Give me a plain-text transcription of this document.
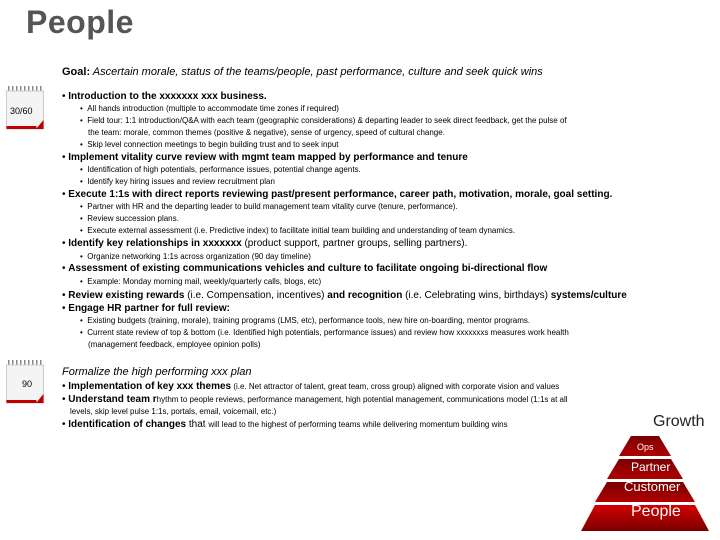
People
30/60
90
Goal: Ascertain morale, status of the teams/people, past performance, culture and seek quick wins
• Introduction to the xxxxxxx xxx business.
•  All hands introduction (multiple to accommodate time zones if required)
•  Field tour: 1:1 introduction/Q&A with each team (geographic considerations) & departing leader to seek direct feedback, get the pulse of
the team: morale, common themes (positive & negative), sense of urgency, speed of cultural change.
•  Skip level connection meetings to begin building trust and to seek input
• Implement vitality curve review with mgmt team mapped by performance and tenure
•  Identification of high potentials, performance issues, potential change agents.
•  Identify key hiring issues and review recruitment plan
• Execute 1:1s with direct reports reviewing past/present performance, career path, motivation, morale, goal setting.
•  Partner with HR and the departing leader to build management team vitality curve (tenure, performance).
•  Review succession plans.
•  Execute external assessment (i.e. Predictive index) to facilitate initial team building and understanding of team dynamics.
• Identify key relationships in xxxxxxx (product support, partner groups, selling partners).
•  Organize networking 1:1s across organization (90 day timeline)
• Assessment of existing communications vehicles and culture to facilitate ongoing bi-directional flow
•  Example: Monday morning mail, weekly/quarterly calls, blogs, etc)
• Review existing rewards (i.e. Compensation, incentives) and recognition (i.e. Celebrating wins, birthdays) systems/culture
• Engage HR partner for full review:
•  Existing budgets (training, morale), training programs (LMS, etc), performance tools, new hire on-boarding, mentor programs.
•  Current state review of top & bottom (i.e. Identified high potentials, performance issues) and review how xxxxxxxs measures work health
(management feedback, employee opinion polls)
Formalize the high performing xxx plan
• Implementation of key xxx themes (i.e. Net attractor of talent, great team, cross group) aligned with corporate vision and values
• Understand team rhythm to people reviews, performance management, high potential management, communications model (1:1s at all
levels, skip level pulse 1:1s, portals, email, voicemail, etc.)
• Identification of changes that will lead to the highest of performing teams while delivering momentum building wins	Growth
Ops
Partner
Customer
People
